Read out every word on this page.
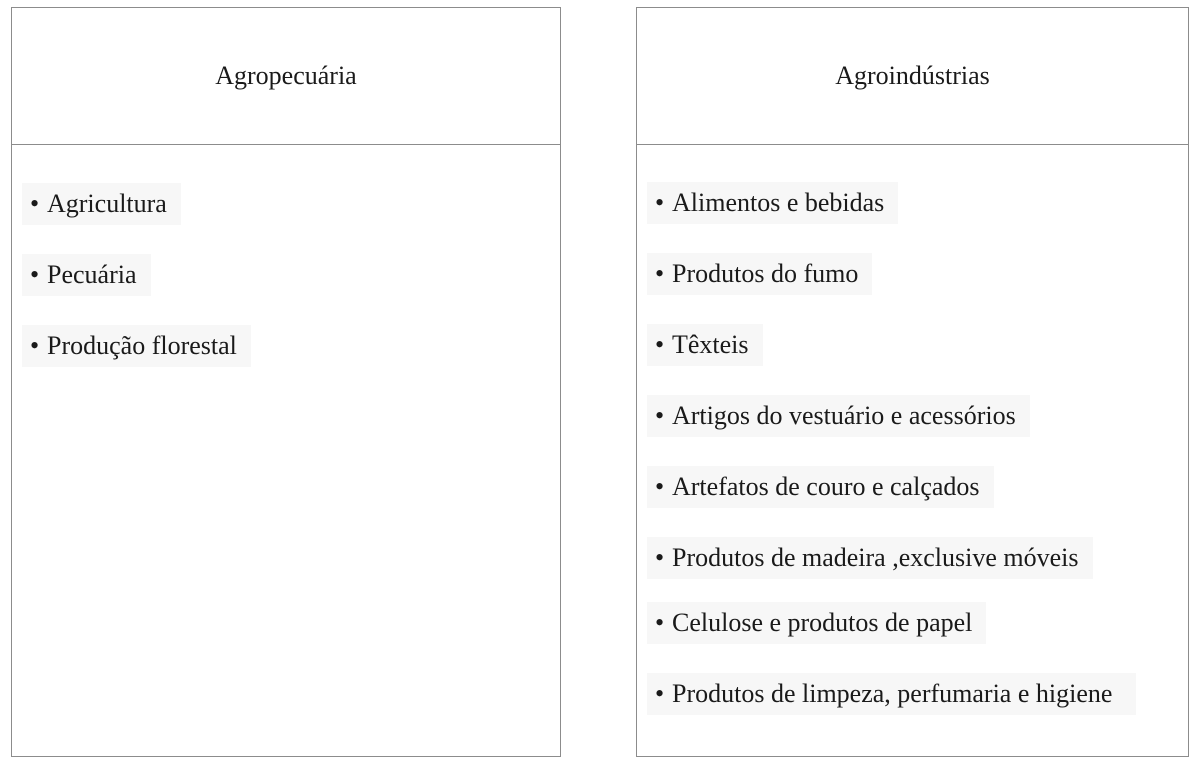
Agropecuária
• Agricultura
• Pecuária
• Produção florestal
Agroindústrias
• Alimentos e bebidas
• Produtos do fumo
• Têxteis
• Artigos do vestuário e acessórios
• Artefatos de couro e calçados
• Produtos de madeira ,exclusive móveis
• Celulose e produtos de papel
• Produtos de limpeza, perfumaria e higiene
